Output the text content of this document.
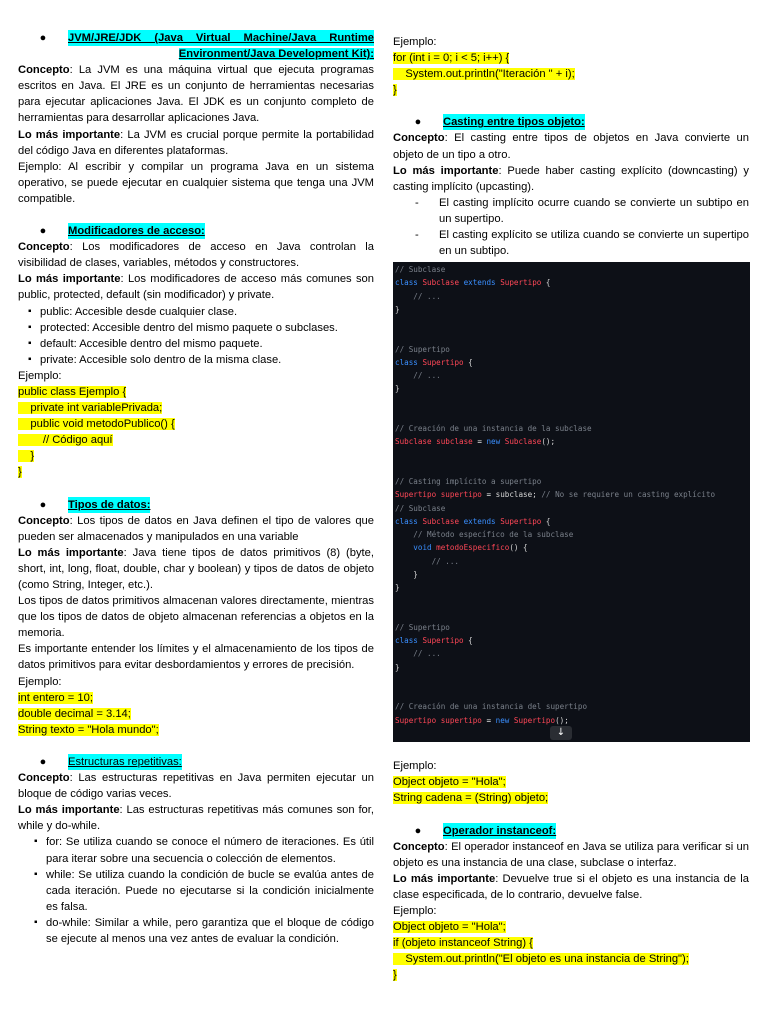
●	JVM/JRE/JDK (Java Virtual Machine/Java Runtime

Environment/Java Development Kit):

Concepto: La JVM es una máquina virtual que ejecuta programas escritos en Java. El JRE es un conjunto de herramientas necesarias para ejecutar aplicaciones Java. El JDK es un conjunto completo de herramientas para desarrollar aplicaciones Java.

Lo más importante: La JVM es crucial porque permite la portabilidad del código Java en diferentes plataformas.

Ejemplo: Al escribir y compilar un programa Java en un sistema operativo, se puede ejecutar en cualquier sistema que tenga una JVM compatible.

●	Modificadores de acceso:

Concepto: Los modificadores de acceso en Java controlan la visibilidad de clases, variables, métodos y constructores.

Lo más importante: Los modificadores de acceso más comunes son public, protected, default (sin modificador) y private.

▪ public: Accesible desde cualquier clase.
▪ protected: Accesible dentro del mismo paquete o subclases.
▪ default: Accesible dentro del mismo paquete.
▪ private: Accesible solo dentro de la misma clase.

Ejemplo:

public class Ejemplo {
private int variablePrivada;
public void metodoPublico() {
// Código aquí
}
}
●	Tipos de datos:

Concepto: Los tipos de datos en Java definen el tipo de valores que pueden ser almacenados y manipulados en una variable

Lo más importante: Java tiene tipos de datos primitivos (8) (byte, short, int, long, float, double, char y boolean) y tipos de datos de objeto (como String, Integer, etc.).

Los tipos de datos primitivos almacenan valores directamente, mientras que los tipos de datos de objeto almacenan referencias a objetos en la memoria.

Es importante entender los límites y el almacenamiento de los tipos de datos primitivos para evitar desbordamientos y errores de precisión.

Ejemplo:

int entero = 10;
double decimal = 3.14;
String texto = "Hola mundo";
●	Estructuras repetitivas:

Concepto: Las estructuras repetitivas en Java permiten ejecutar un bloque de código varias veces.

Lo más importante: Las estructuras repetitivas más comunes son for, while y do-while.

▪ for: Se utiliza cuando se conoce el número de iteraciones. Es útil para iterar sobre una secuencia o colección de elementos.
▪ while: Se utiliza cuando la condición de bucle se evalúa antes de cada iteración. Puede no ejecutarse si la condición inicialmente es falsa.
▪ do-while: Similar a while, pero garantiza que el bloque de código se ejecute al menos una vez antes de evaluar la condición.

Ejemplo:

for (int i = 0; i < 5; i++) {
System.out.println("Iteración " + i);
}
●	Casting entre tipos objeto:

Concepto: El casting entre tipos de objetos en Java convierte un objeto de un tipo a otro.

Lo más importante: Puede haber casting explícito (downcasting) y casting implícito (upcasting).

- El casting implícito ocurre cuando se convierte un subtipo en un supertipo.
- El casting explícito se utiliza cuando se convierte un supertipo en un subtipo.
// Subclase
class Subclase extends Supertipo {
// ...
}

// Supertipo
class Supertipo {
// ...
}

// Creación de una instancia de la subclase
Subclase subclase = new Subclase();

// Casting implícito a supertipo
Supertipo supertipo = subclase; // No se requiere un casting explícito
// Subclase
class Subclase extends Supertipo {
// Método específico de la subclase
void metodoEspecifico() {
// ...
}
}

// Supertipo
class Supertipo {
// ...
}

// Creación de una instancia del supertipo
Supertipo supertipo = new Supertipo();

↓

Ejemplo:

Object objeto = "Hola";
String cadena = (String) objeto;
●	Operador instanceof:

Concepto: El operador instanceof en Java se utiliza para verificar si un objeto es una instancia de una clase, subclase o interfaz.

Lo más importante: Devuelve true si el objeto es una instancia de la clase especificada, de lo contrario, devuelve false.

Ejemplo:

Object objeto = "Hola";
if (objeto instanceof String) {
System.out.println("El objeto es una instancia de String");
}
